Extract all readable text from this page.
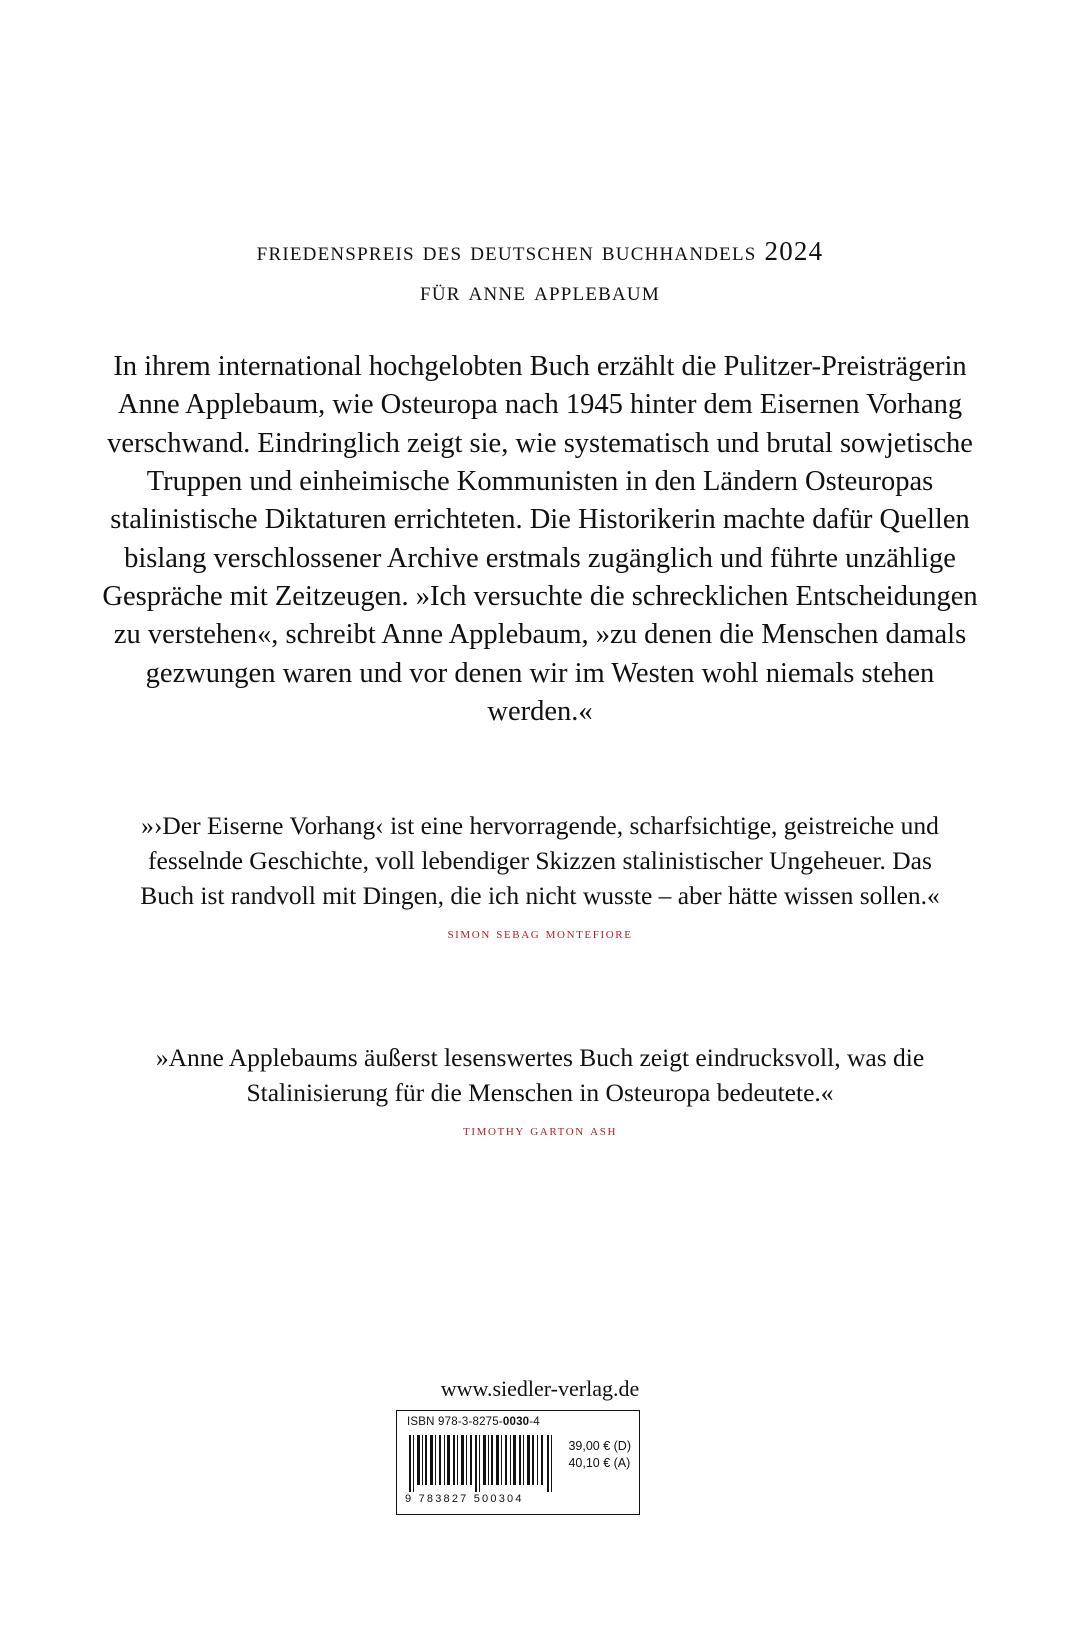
friedenspreis des deutschen buchhandels 2024
für anne applebaum

In ihrem international hochgelobten Buch erzählt die Pulitzer-Preisträgerin Anne Applebaum, wie Osteuropa nach 1945 hinter dem Eisernen Vorhang verschwand. Eindringlich zeigt sie, wie systematisch und brutal sowjetische Truppen und einheimische Kommunisten in den Ländern Osteuropas stalinistische Diktaturen errichteten. Die Historikerin machte dafür Quellen bislang verschlossener Archive erstmals zugänglich und führte unzählige Gespräche mit Zeitzeugen. »Ich versuchte die schrecklichen Entscheidungen zu verstehen«, schreibt Anne Applebaum, »zu denen die Menschen damals gezwungen waren und vor denen wir im Westen wohl niemals stehen werden.«

»›Der Eiserne Vorhang‹ ist eine hervorragende, scharfsichtige, geistreiche und fesselnde Geschichte, voll lebendiger Skizzen stalinistischer Ungeheuer. Das Buch ist randvoll mit Dingen, die ich nicht wusste – aber hätte wissen sollen.«

simon sebag montefiore

»Anne Applebaums äußerst lesenswertes Buch zeigt eindrucksvoll, was die Stalinisierung für die Menschen in Osteuropa bedeutete.«

timothy garton ash
www.siedler-verlag.de
ISBN 978-3-8275-0030-4
9 783827 500304
39,00 € (D)
40,10 € (A)
